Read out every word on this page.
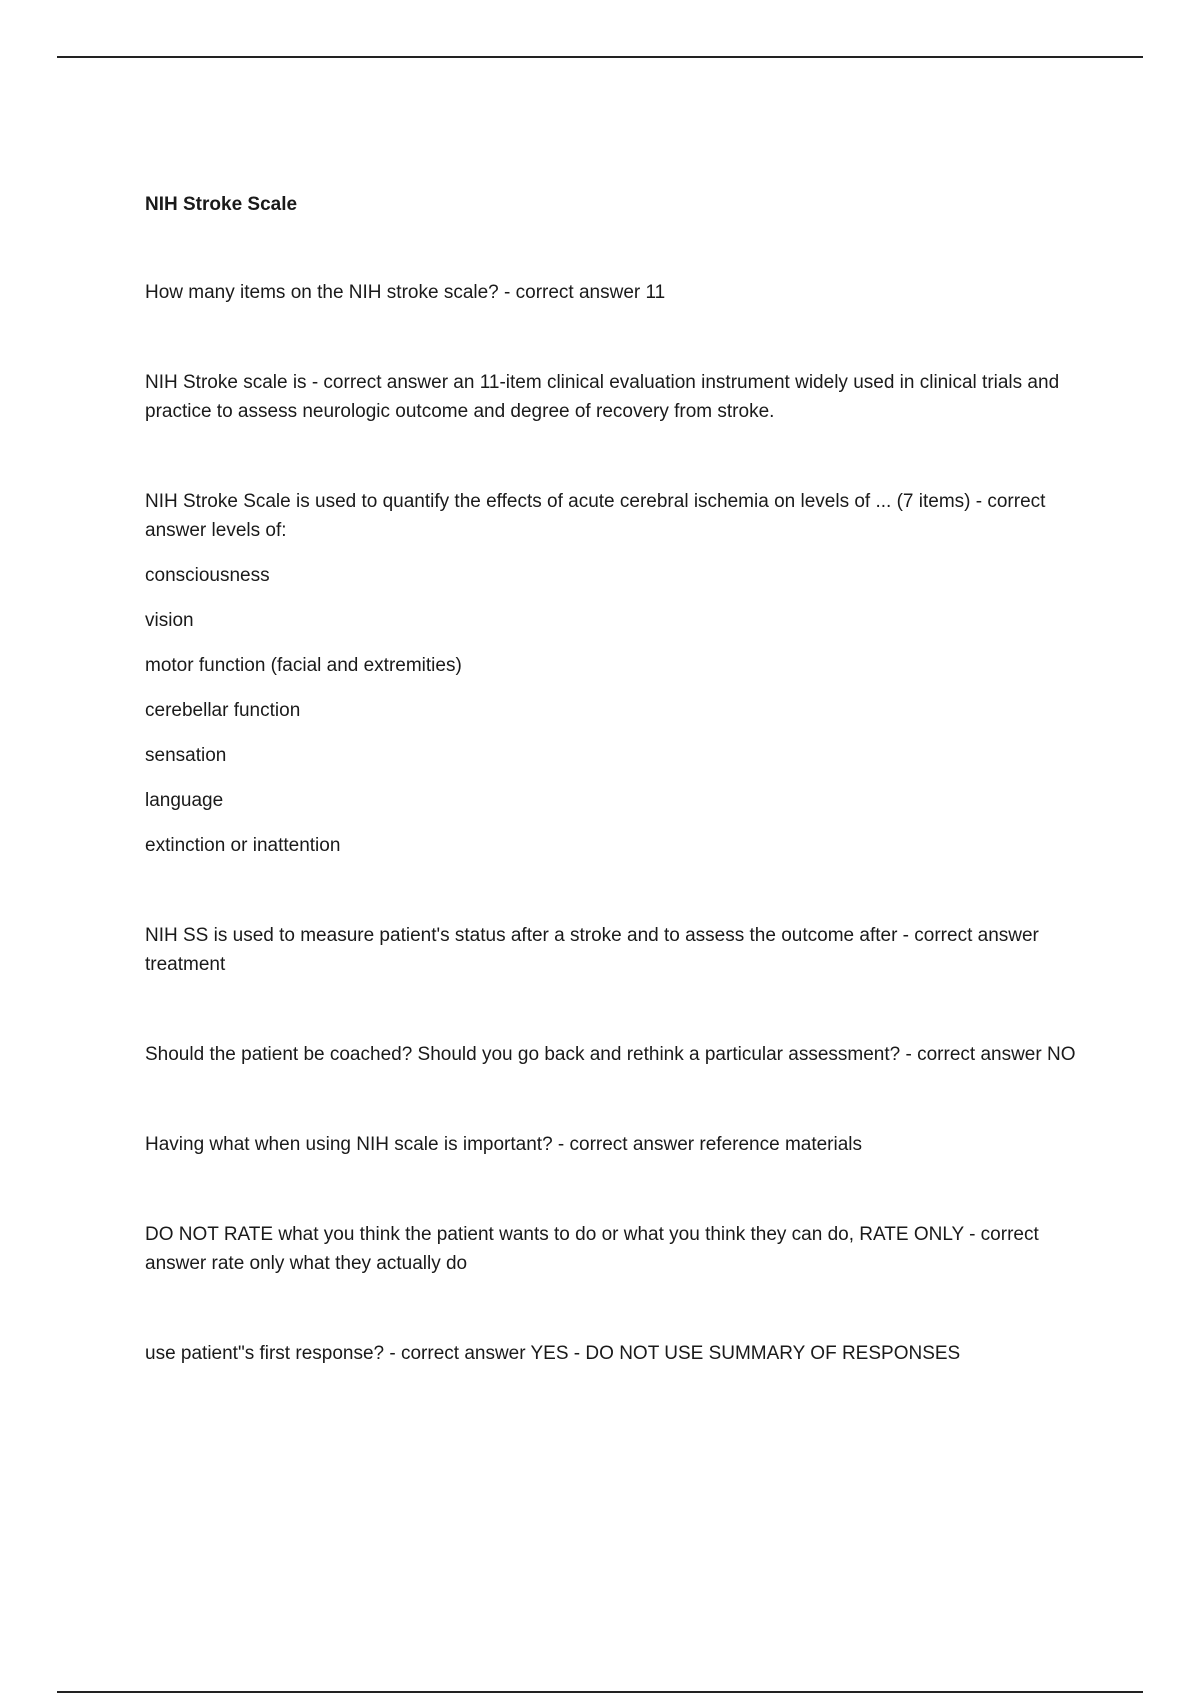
NIH Stroke Scale

How many items on the NIH stroke scale? - correct answer 11

NIH Stroke scale is - correct answer an 11-item clinical evaluation instrument widely used in clinical trials and practice to assess neurologic outcome and degree of recovery from stroke.

NIH Stroke Scale is used to quantify the effects of acute cerebral ischemia on levels of ... (7 items) - correct answer levels of:

consciousness

vision

motor function (facial and extremities)

cerebellar function

sensation

language

extinction or inattention

NIH SS is used to measure patient's status after a stroke and to assess the outcome after - correct answer treatment

Should the patient be coached? Should you go back and rethink a particular assessment? - correct answer NO

Having what when using NIH scale is important? - correct answer reference materials

DO NOT RATE what you think the patient wants to do or what you think they can do, RATE ONLY - correct answer rate only what they actually do

use patient"s first response? - correct answer YES - DO NOT USE SUMMARY OF RESPONSES
